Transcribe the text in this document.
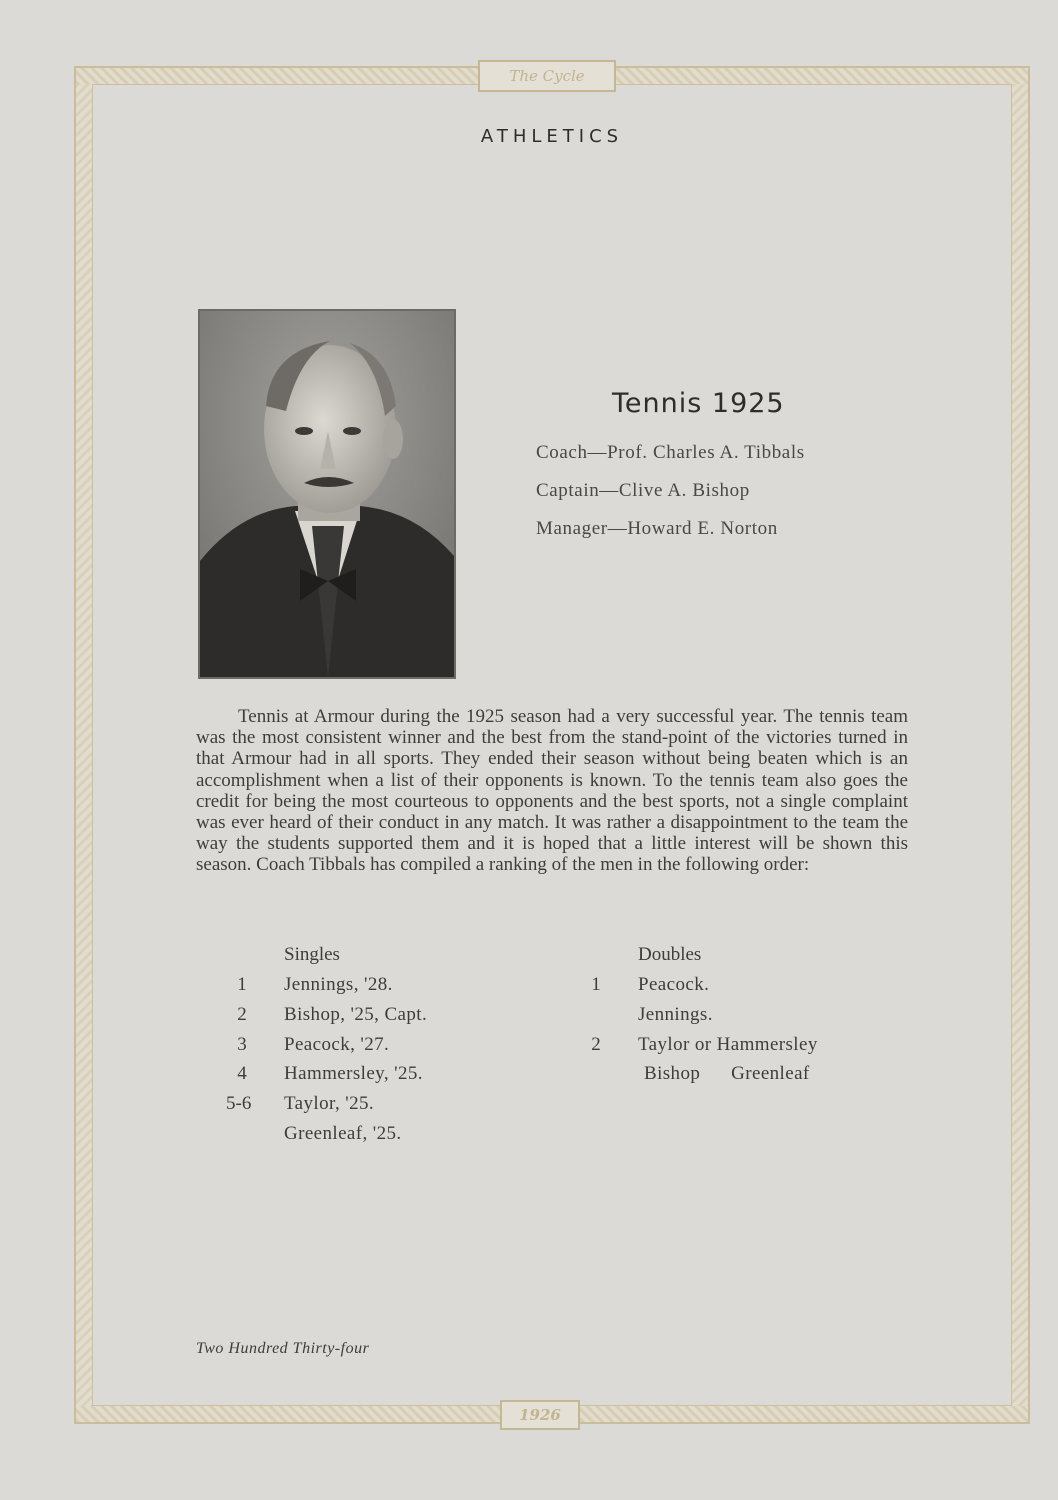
The Cycle
1926
ATHLETICS
Tennis 1925
Coach—Prof. Charles A. Tibbals
Captain—Clive A. Bishop
Manager—Howard E. Norton
Tennis at Armour during the 1925 season had a very successful year. The tennis team was the most consistent winner and the best from the stand-point of the victories turned in that Armour had in all sports. They ended their season without being beaten which is an accomplishment when a list of their opponents is known. To the tennis team also goes the credit for being the most courteous to opponents and the best sports, not a single complaint was ever heard of their conduct in any match. It was rather a disappointment to the team the way the students supported them and it is hoped that a little interest will be shown this season. Coach Tibbals has compiled a ranking of the men in the following order:
Singles
1	Jennings, '28.
2	Bishop, '25, Capt.
3	Peacock, '27.
4	Hammersley, '25.
5-6	Taylor, '25.
Greenleaf, '25.
Doubles
1	Peacock.
Jennings.
2	Taylor or Hammersley
Bishop      Greenleaf
Two Hundred Thirty-four
